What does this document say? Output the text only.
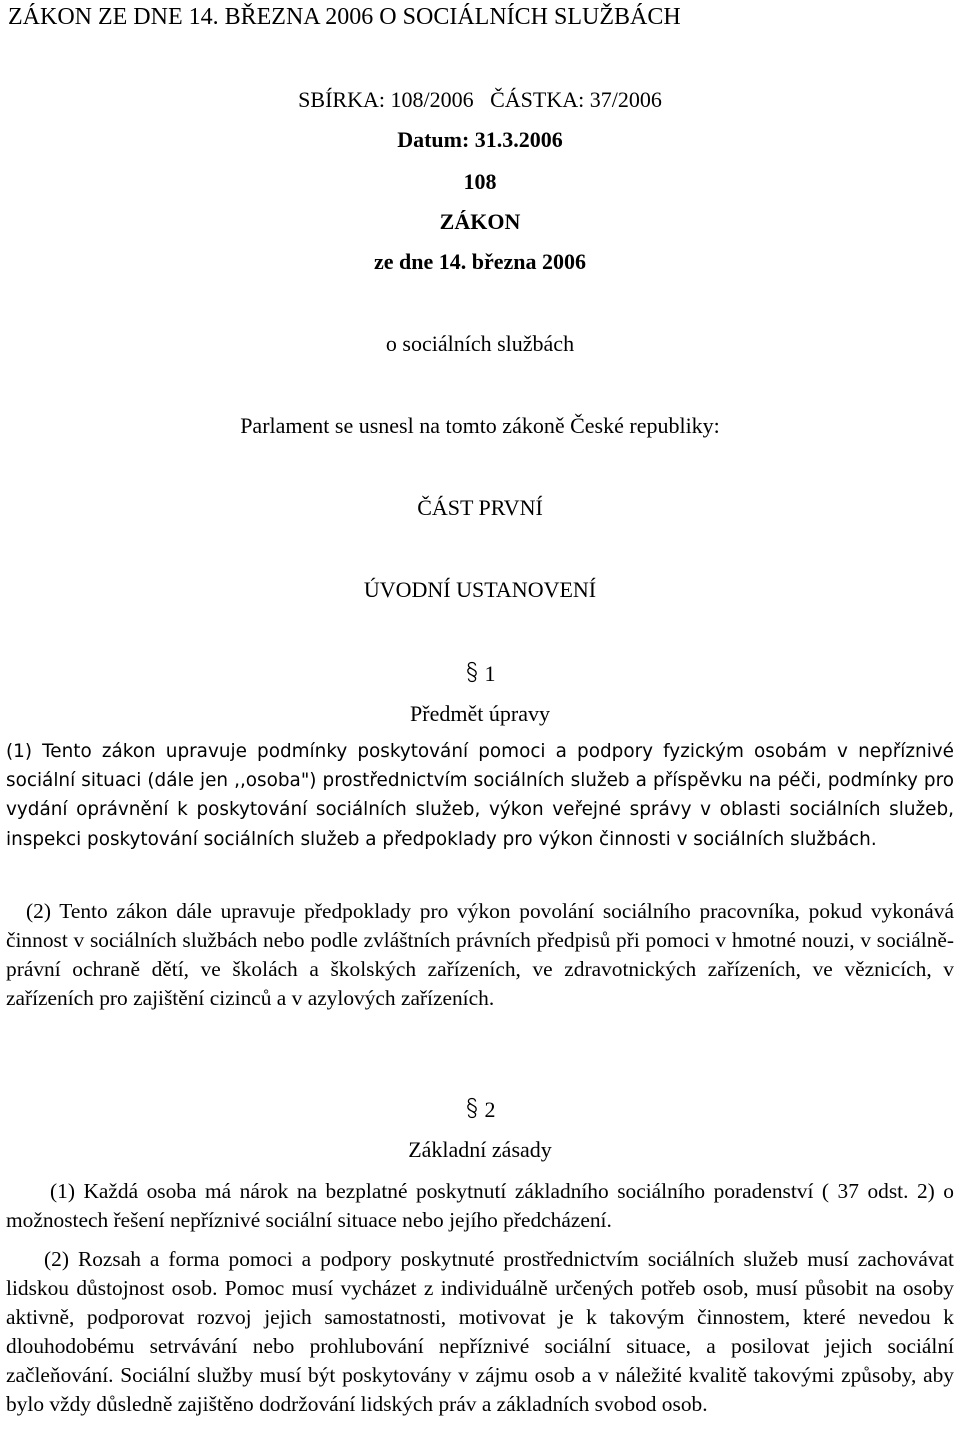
ZÁKON ZE DNE 14. BŘEZNA 2006 O SOCIÁLNÍCH SLUŽBÁCH

SBÍRKA: 108/2006   ČÁSTKA: 37/2006

Datum: 31.3.2006

108

ZÁKON

ze dne 14. března 2006

o sociálních službách

Parlament se usnesl na tomto zákoně České republiky:

ČÁST PRVNÍ

ÚVODNÍ USTANOVENÍ

1

Předmět úpravy

(1) Tento zákon upravuje podmínky poskytování pomoci a podpory fyzickým osobám v nepříznivé sociální situaci (dále jen ,,osoba") prostřednictvím sociálních služeb a příspěvku na péči, podmínky pro vydání oprávnění k poskytování sociálních služeb, výkon veřejné správy v oblasti sociálních služeb, inspekci poskytování sociálních služeb a předpoklady pro výkon činnosti v sociálních službách.

(2) Tento zákon dále upravuje předpoklady pro výkon povolání sociálního pracovníka, pokud vykonává činnost v sociálních službách nebo podle zvláštních právních předpisů při pomoci v hmotné nouzi, v sociálně-právní ochraně dětí, ve školách a školských zařízeních, ve zdravotnických zařízeních, ve věznicích, v zařízeních pro zajištění cizinců a v azylových zařízeních.

2

Základní zásady

(1) Každá osoba má nárok na bezplatné poskytnutí základního sociálního poradenství ( 37 odst. 2) o možnostech řešení nepříznivé sociální situace nebo jejího předcházení.

(2) Rozsah a forma pomoci a podpory poskytnuté prostřednictvím sociálních služeb musí zachovávat lidskou důstojnost osob. Pomoc musí vycházet z individuálně určených potřeb osob, musí působit na osoby aktivně, podporovat rozvoj jejich samostatnosti, motivovat je k takovým činnostem, které nevedou k dlouhodobému setrvávání nebo prohlubování nepříznivé sociální situace, a posilovat jejich sociální začleňování. Sociální služby musí být poskytovány v zájmu osob a v náležité kvalitě takovými způsoby, aby bylo vždy důsledně zajištěno dodržování lidských práv a základních svobod osob.
